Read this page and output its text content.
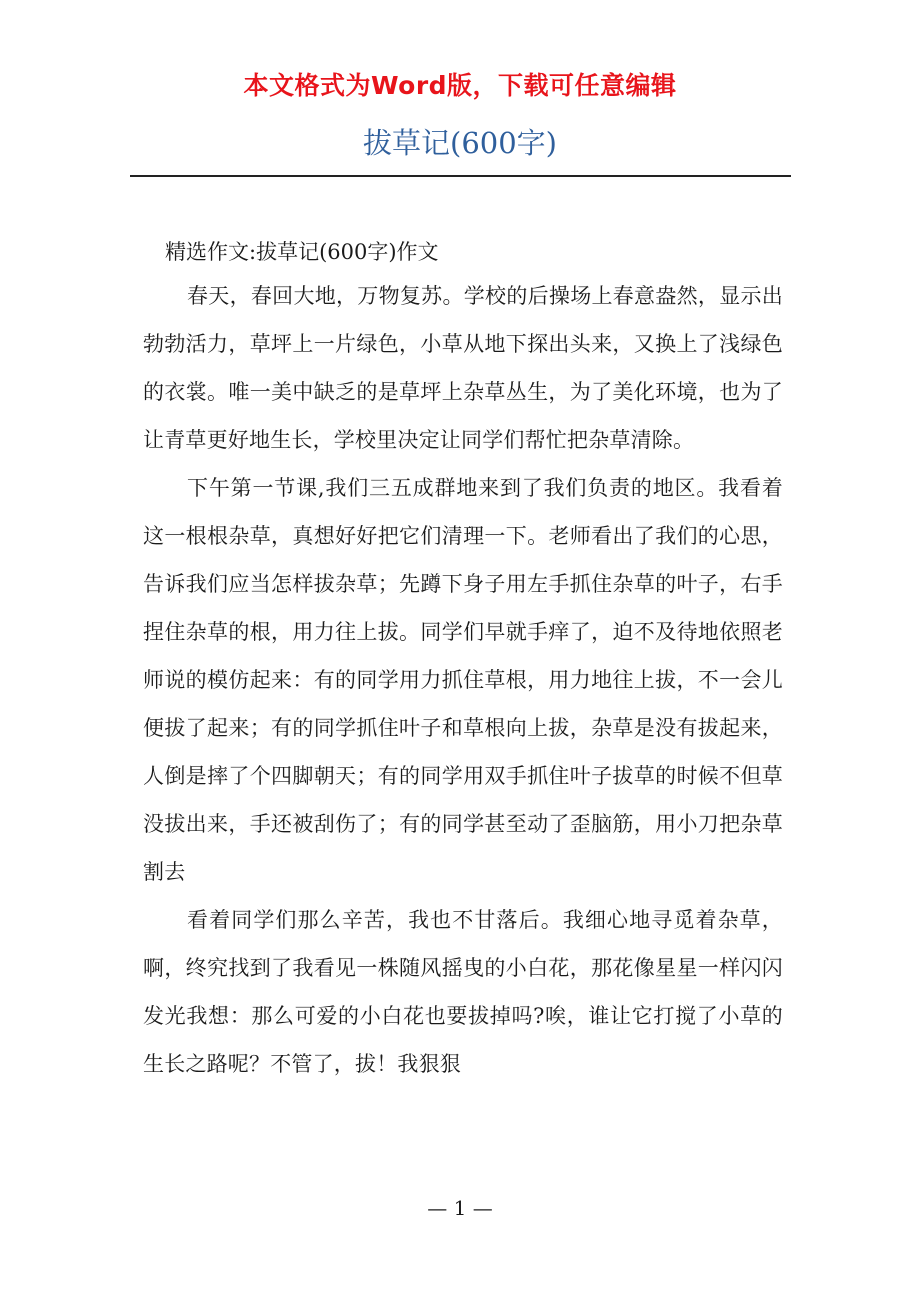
本文格式为Word版，下载可任意编辑
拔草记(600字)

精选作文:拔草记(600字)作文

春天，春回大地，万物复苏。学校的后操场上春意盎然，显示出勃勃活力，草坪上一片绿色，小草从地下探出头来，又换上了浅绿色的衣裳。唯一美中缺乏的是草坪上杂草丛生，为了美化环境，也为了让青草更好地生长，学校里决定让同学们帮忙把杂草清除。

下午第一节课,我们三五成群地来到了我们负责的地区。我看着这一根根杂草，真想好好把它们清理一下。老师看出了我们的心思，告诉我们应当怎样拔杂草；先蹲下身子用左手抓住杂草的叶子，右手捏住杂草的根，用力往上拔。同学们早就手痒了，迫不及待地依照老师说的模仿起来：有的同学用力抓住草根，用力地往上拔，不一会儿便拔了起来；有的同学抓住叶子和草根向上拔，杂草是没有拔起来，人倒是摔了个四脚朝天；有的同学用双手抓住叶子拔草的时候不但草没拔出来，手还被刮伤了；有的同学甚至动了歪脑筋，用小刀把杂草割去

看着同学们那么辛苦，我也不甘落后。我细心地寻觅着杂草，啊，终究找到了我看见一株随风摇曳的小白花，那花像星星一样闪闪发光我想：那么可爱的小白花也要拔掉吗?唉，谁让它打搅了小草的生长之路呢？不管了，拔！我狠狠

— 1 —
